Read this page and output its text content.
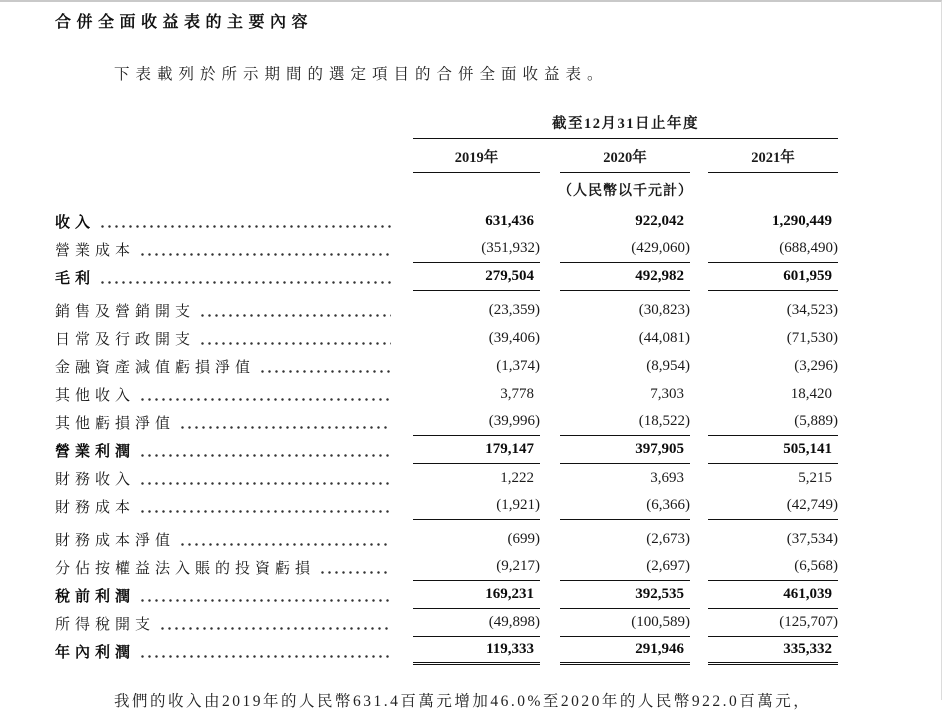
合併全面收益表的主要內容

下表載列於所示期間的選定項目的合併全面收益表。

截至12月31日止年度
2019年	2020年	2021年
（人民幣以千元計）
收入	631,436	922,042	1,290,449
營業成本	(351,932)	(429,060)	(688,490)
毛利	279,504	492,982	601,959
銷售及營銷開支	(23,359)	(30,823)	(34,523)
日常及行政開支	(39,406)	(44,081)	(71,530)
金融資產減值虧損淨值	(1,374)	(8,954)	(3,296)
其他收入	3,778	7,303	18,420
其他虧損淨值	(39,996)	(18,522)	(5,889)
營業利潤	179,147	397,905	505,141
財務收入	1,222	3,693	5,215
財務成本	(1,921)	(6,366)	(42,749)
財務成本淨值	(699)	(2,673)	(37,534)
分佔按權益法入賬的投資虧損	(9,217)	(2,697)	(6,568)
稅前利潤	169,231	392,535	461,039
所得稅開支	(49,898)	(100,589)	(125,707)
年內利潤	119,333	291,946	335,332

我們的收入由2019年的人民幣631.4百萬元增加46.0%至2020年的人民幣922.0百萬元，
